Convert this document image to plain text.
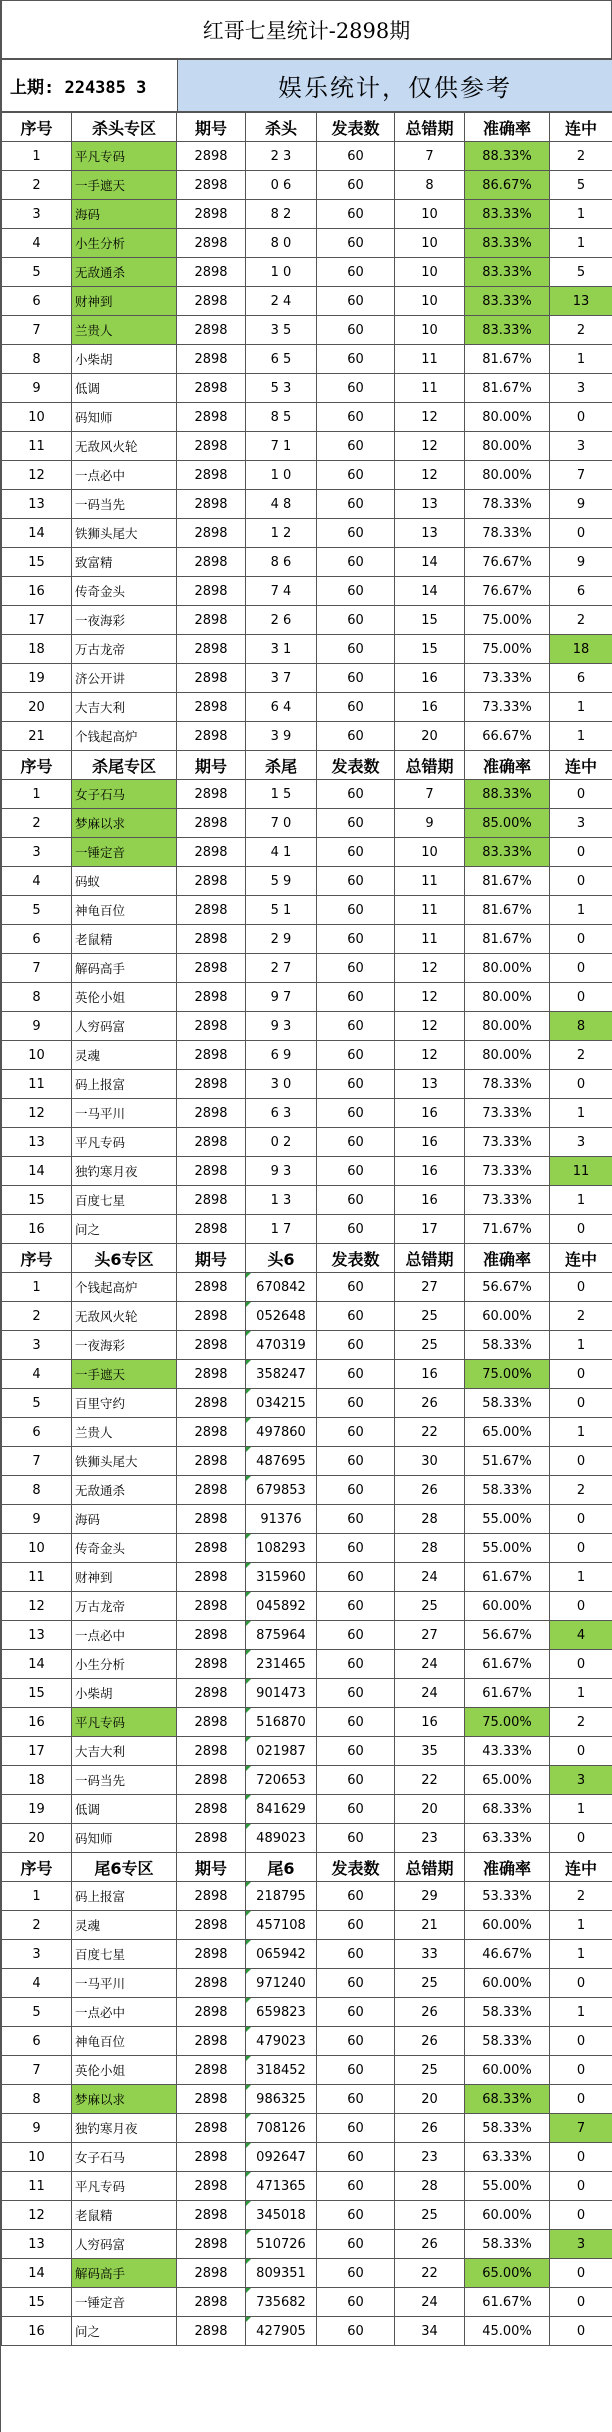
红哥七星统计-2898期
上期: 224385 3	娱乐统计，仅供参考
序号	杀头专区	期号	杀头	发表数	总错期	准确率	连中
1	平凡专码	2898	2 3	60	7	88.33%	2
2	一手遮天	2898	0 6	60	8	86.67%	5
3	海码	2898	8 2	60	10	83.33%	1
4	小生分析	2898	8 0	60	10	83.33%	1
5	无敌通杀	2898	1 0	60	10	83.33%	5
6	财神到	2898	2 4	60	10	83.33%	13
7	兰贵人	2898	3 5	60	10	83.33%	2
8	小柴胡	2898	6 5	60	11	81.67%	1
9	低调	2898	5 3	60	11	81.67%	3
10	码知师	2898	8 5	60	12	80.00%	0
11	无敌风火轮	2898	7 1	60	12	80.00%	3
12	一点必中	2898	1 0	60	12	80.00%	7
13	一码当先	2898	4 8	60	13	78.33%	9
14	铁狮头尾大	2898	1 2	60	13	78.33%	0
15	致富精	2898	8 6	60	14	76.67%	9
16	传奇金头	2898	7 4	60	14	76.67%	6
17	一夜海彩	2898	2 6	60	15	75.00%	2
18	万古龙帝	2898	3 1	60	15	75.00%	18
19	济公开讲	2898	3 7	60	16	73.33%	6
20	大吉大利	2898	6 4	60	16	73.33%	1
21	个钱起高炉	2898	3 9	60	20	66.67%	1
序号	杀尾专区	期号	杀尾	发表数	总错期	准确率	连中
1	女子石马	2898	1 5	60	7	88.33%	0
2	梦麻以求	2898	7 0	60	9	85.00%	3
3	一锤定音	2898	4 1	60	10	83.33%	0
4	码蚁	2898	5 9	60	11	81.67%	0
5	神龟百位	2898	5 1	60	11	81.67%	1
6	老鼠精	2898	2 9	60	11	81.67%	0
7	解码高手	2898	2 7	60	12	80.00%	0
8	英伦小姐	2898	9 7	60	12	80.00%	0
9	人穷码富	2898	9 3	60	12	80.00%	8
10	灵魂	2898	6 9	60	12	80.00%	2
11	码上报富	2898	3 0	60	13	78.33%	0
12	一马平川	2898	6 3	60	16	73.33%	1
13	平凡专码	2898	0 2	60	16	73.33%	3
14	独钓寒月夜	2898	9 3	60	16	73.33%	11
15	百度七星	2898	1 3	60	16	73.33%	1
16	问之	2898	1 7	60	17	71.67%	0
序号	头6专区	期号	头6	发表数	总错期	准确率	连中
1	个钱起高炉	2898	670842	60	27	56.67%	0
2	无敌风火轮	2898	052648	60	25	60.00%	2
3	一夜海彩	2898	470319	60	25	58.33%	1
4	一手遮天	2898	358247	60	16	75.00%	0
5	百里守约	2898	034215	60	26	58.33%	0
6	兰贵人	2898	497860	60	22	65.00%	1
7	铁狮头尾大	2898	487695	60	30	51.67%	0
8	无敌通杀	2898	679853	60	26	58.33%	2
9	海码	2898	91376	60	28	55.00%	0
10	传奇金头	2898	108293	60	28	55.00%	0
11	财神到	2898	315960	60	24	61.67%	1
12	万古龙帝	2898	045892	60	25	60.00%	0
13	一点必中	2898	875964	60	27	56.67%	4
14	小生分析	2898	231465	60	24	61.67%	0
15	小柴胡	2898	901473	60	24	61.67%	1
16	平凡专码	2898	516870	60	16	75.00%	2
17	大吉大利	2898	021987	60	35	43.33%	0
18	一码当先	2898	720653	60	22	65.00%	3
19	低调	2898	841629	60	20	68.33%	1
20	码知师	2898	489023	60	23	63.33%	0
序号	尾6专区	期号	尾6	发表数	总错期	准确率	连中
1	码上报富	2898	218795	60	29	53.33%	2
2	灵魂	2898	457108	60	21	60.00%	1
3	百度七星	2898	065942	60	33	46.67%	1
4	一马平川	2898	971240	60	25	60.00%	0
5	一点必中	2898	659823	60	26	58.33%	1
6	神龟百位	2898	479023	60	26	58.33%	0
7	英伦小姐	2898	318452	60	25	60.00%	0
8	梦麻以求	2898	986325	60	20	68.33%	0
9	独钓寒月夜	2898	708126	60	26	58.33%	7
10	女子石马	2898	092647	60	23	63.33%	0
11	平凡专码	2898	471365	60	28	55.00%	0
12	老鼠精	2898	345018	60	25	60.00%	0
13	人穷码富	2898	510726	60	26	58.33%	3
14	解码高手	2898	809351	60	22	65.00%	0
15	一锤定音	2898	735682	60	24	61.67%	0
16	问之	2898	427905	60	34	45.00%	0
